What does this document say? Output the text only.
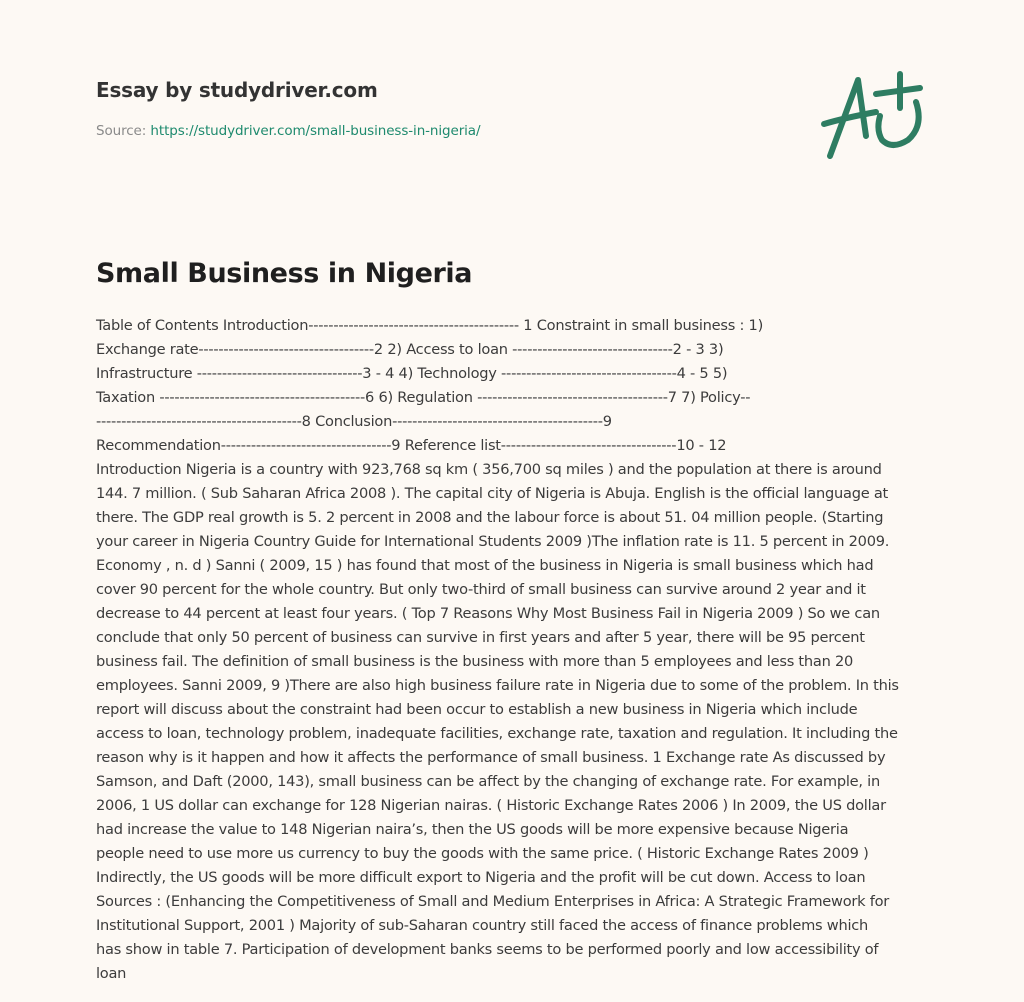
Essay by studydriver.com
Source: https://studydriver.com/small-business-in-nigeria/
Small Business in Nigeria
Table of Contents Introduction------------------------------------------ 1 Constraint in small business : 1)
Exchange rate-----------------------------------2 2) Access to loan --------------------------------2 - 3 3)
Infrastructure ---------------------------------3 - 4 4) Technology -----------------------------------4 - 5 5)
Taxation -----------------------------------------6 6) Regulation --------------------------------------7 7) Policy--
-----------------------------------------8 Conclusion------------------------------------------9
Recommendation----------------------------------9 Reference list-----------------------------------10 - 12
Introduction Nigeria is a country with 923,768 sq km ( 356,700 sq miles ) and the population at there is around
144. 7 million. ( Sub Saharan Africa 2008 ). The capital city of Nigeria is Abuja. English is the official language at
there. The GDP real growth is 5. 2 percent in 2008 and the labour force is about 51. 04 million people. (Starting
your career in Nigeria Country Guide for International Students 2009 )The inflation rate is 11. 5 percent in 2009.
Economy , n. d ) Sanni ( 2009, 15 ) has found that most of the business in Nigeria is small business which had
cover 90 percent for the whole country. But only two-third of small business can survive around 2 year and it
decrease to 44 percent at least four years. ( Top 7 Reasons Why Most Business Fail in Nigeria 2009 ) So we can
conclude that only 50 percent of business can survive in first years and after 5 year, there will be 95 percent
business fail. The definition of small business is the business with more than 5 employees and less than 20
employees. Sanni 2009, 9 )There are also high business failure rate in Nigeria due to some of the problem. In this
report will discuss about the constraint had been occur to establish a new business in Nigeria which include
access to loan, technology problem, inadequate facilities, exchange rate, taxation and regulation. It including the
reason why is it happen and how it affects the performance of small business. 1 Exchange rate As discussed by
Samson, and Daft (2000, 143), small business can be affect by the changing of exchange rate. For example, in
2006, 1 US dollar can exchange for 128 Nigerian nairas. ( Historic Exchange Rates 2006 ) In 2009, the US dollar
had increase the value to 148 Nigerian naira’s, then the US goods will be more expensive because Nigeria
people need to use more us currency to buy the goods with the same price. ( Historic Exchange Rates 2009 )
Indirectly, the US goods will be more difficult export to Nigeria and the profit will be cut down. Access to loan
Sources : (Enhancing the Competitiveness of Small and Medium Enterprises in Africa: A Strategic Framework for
Institutional Support, 2001 ) Majority of sub-Saharan country still faced the access of finance problems which
has show in table 7. Participation of development banks seems to be performed poorly and low accessibility of
loan
